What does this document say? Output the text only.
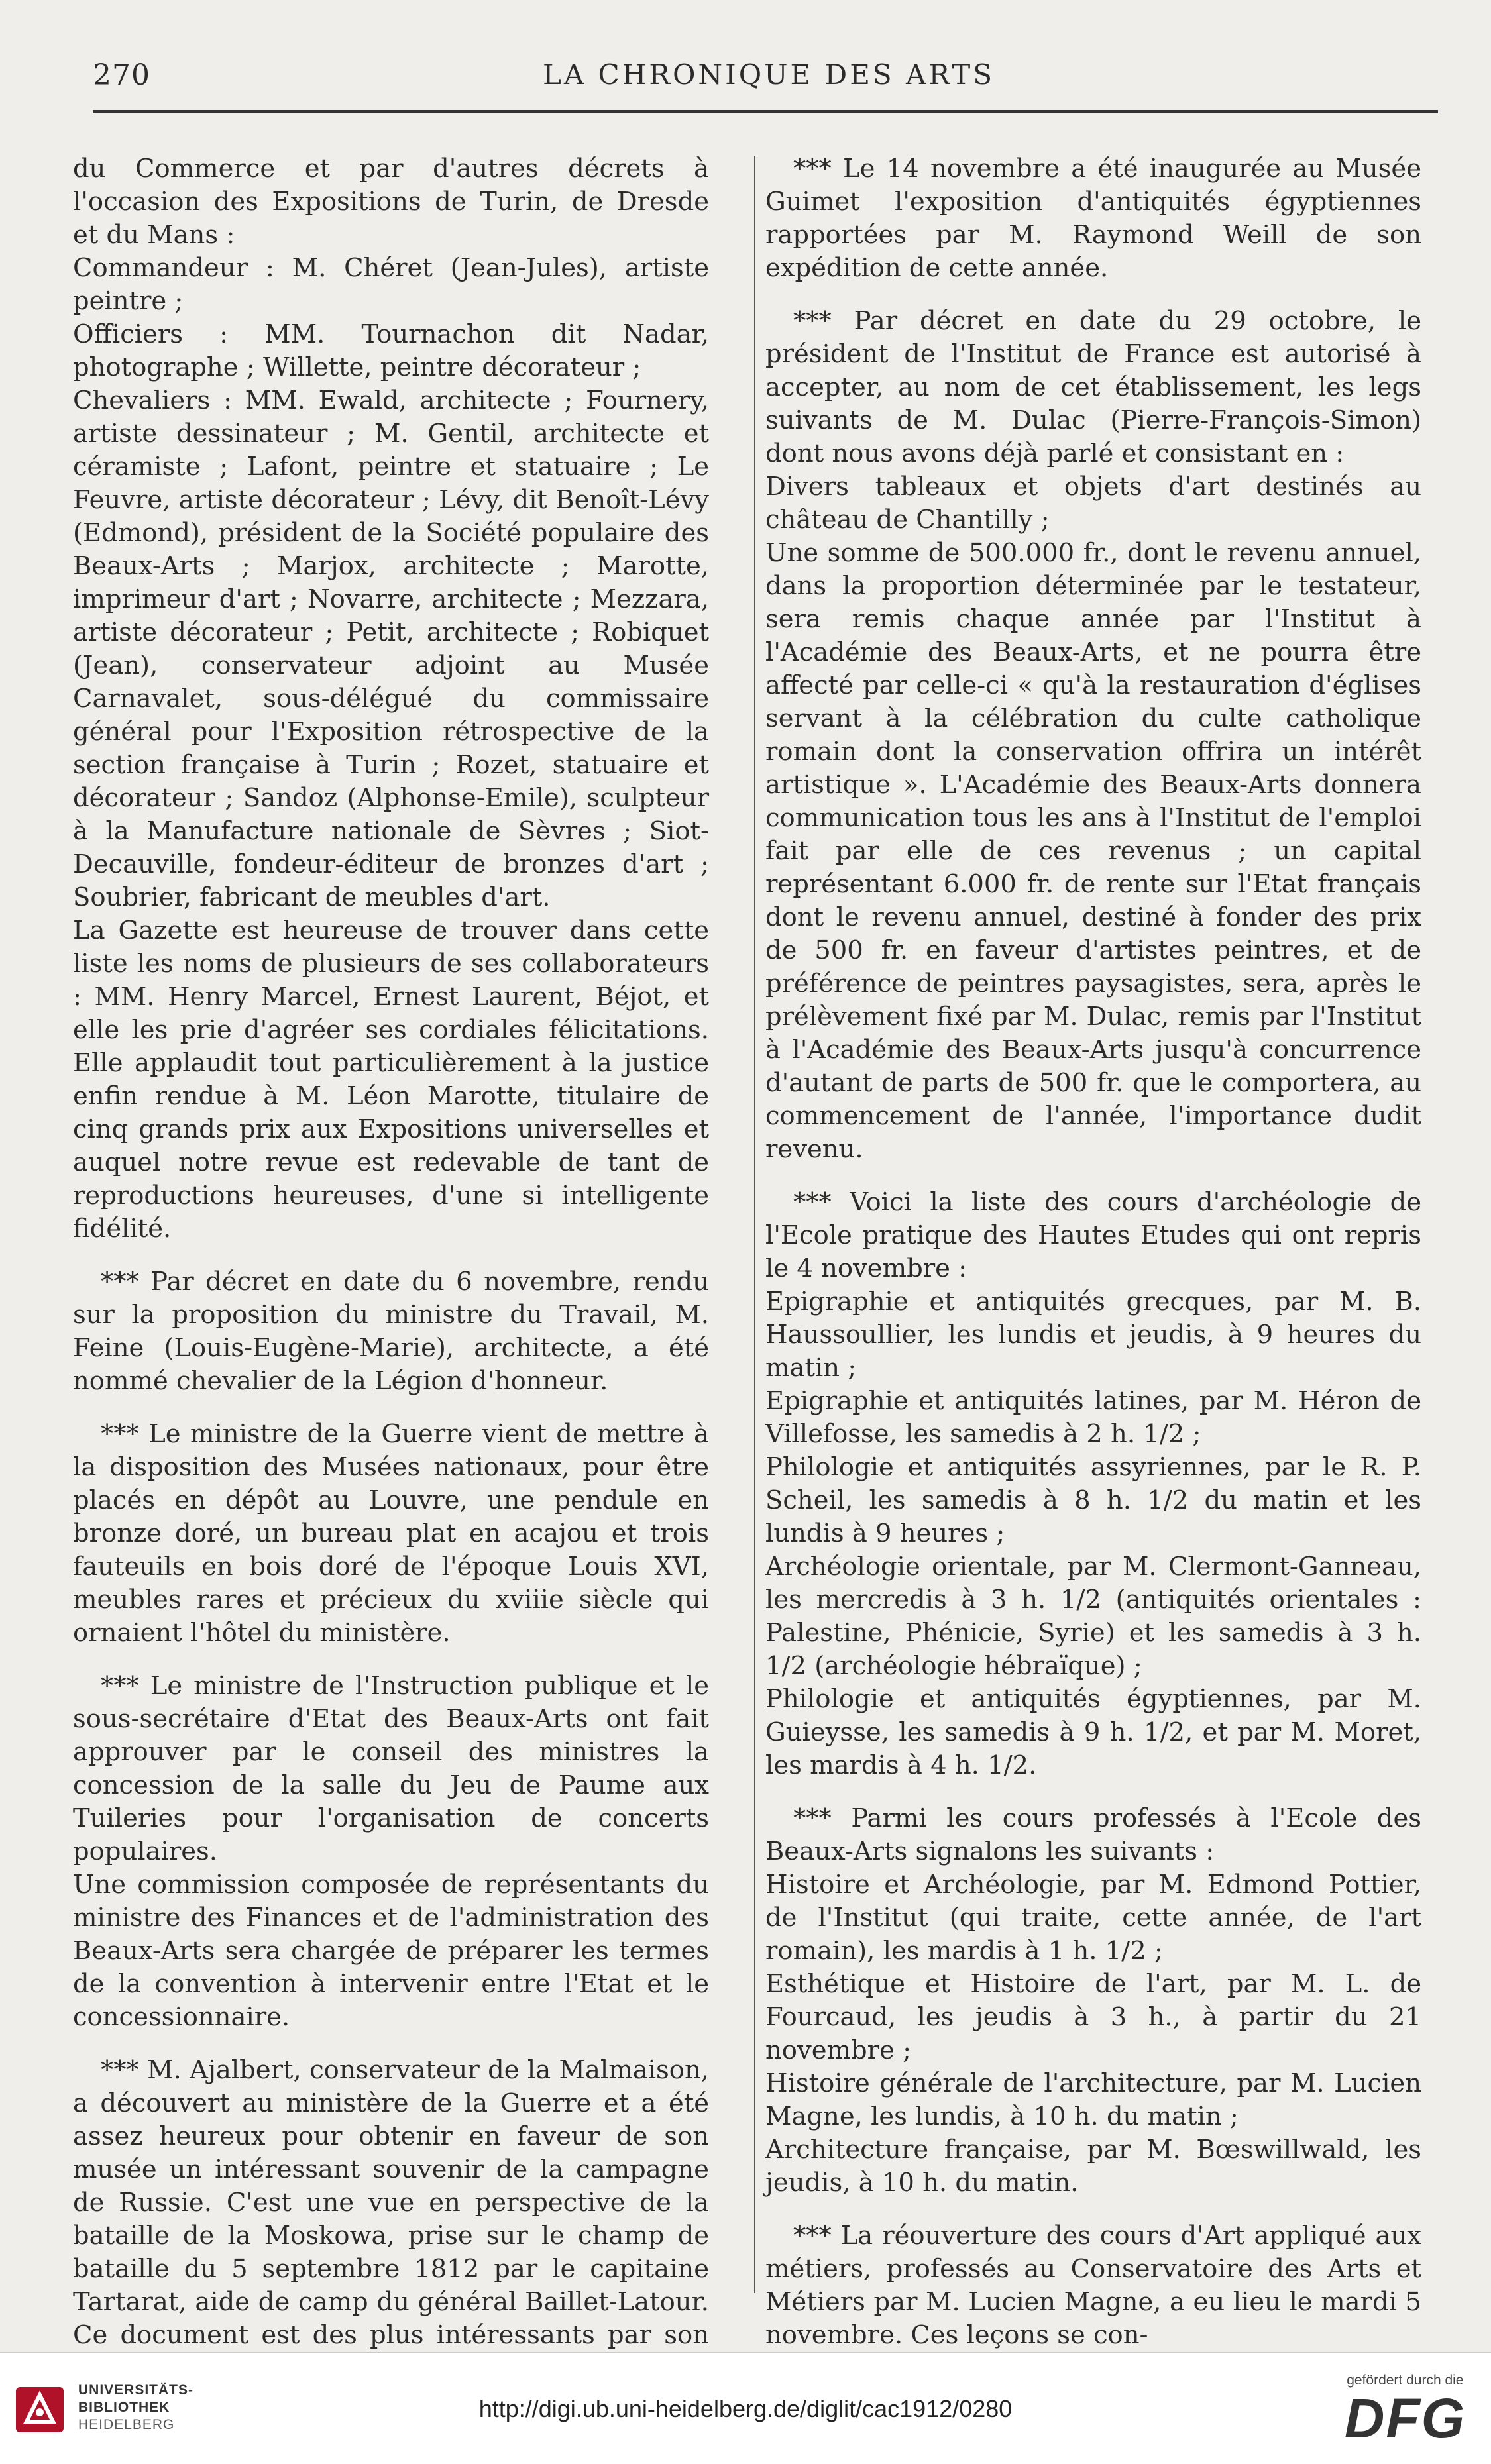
270	LA CHRONIQUE DES ARTS

du Commerce et par d'autres décrets à l'occasion des Expositions de Turin, de Dresde et du Mans :

Commandeur : M. Chéret (Jean-Jules), artiste peintre ;

Officiers : MM. Tournachon dit Nadar, photographe ; Willette, peintre décorateur ;

Chevaliers : MM. Ewald, architecte ; Fournery, artiste dessinateur ; M. Gentil, architecte et céramiste ; Lafont, peintre et statuaire ; Le Feuvre, artiste décorateur ; Lévy, dit Benoît-Lévy (Edmond), président de la Société populaire des Beaux-Arts ; Marjox, architecte ; Marotte, imprimeur d'art ; Novarre, architecte ; Mezzara, artiste décorateur ; Petit, architecte ; Robiquet (Jean), conservateur adjoint au Musée Carnavalet, sous-délégué du commissaire général pour l'Exposition rétrospective de la section française à Turin ; Rozet, statuaire et décorateur ; Sandoz (Alphonse-Emile), sculpteur à la Manufacture nationale de Sèvres ; Siot-Decauville, fondeur-éditeur de bronzes d'art ; Soubrier, fabricant de meubles d'art.

La Gazette est heureuse de trouver dans cette liste les noms de plusieurs de ses collaborateurs : MM. Henry Marcel, Ernest Laurent, Béjot, et elle les prie d'agréer ses cordiales félicitations. Elle applaudit tout particulièrement à la justice enfin rendue à M. Léon Marotte, titulaire de cinq grands prix aux Expositions universelles et auquel notre revue est redevable de tant de reproductions heureuses, d'une si intelligente fidélité.

*** Par décret en date du 6 novembre, rendu sur la proposition du ministre du Travail, M. Feine (Louis-Eugène-Marie), architecte, a été nommé chevalier de la Légion d'honneur.

*** Le ministre de la Guerre vient de mettre à la disposition des Musées nationaux, pour être placés en dépôt au Louvre, une pendule en bronze doré, un bureau plat en acajou et trois fauteuils en bois doré de l'époque Louis XVI, meubles rares et précieux du xviiie siècle qui ornaient l'hôtel du ministère.

*** Le ministre de l'Instruction publique et le sous-secrétaire d'Etat des Beaux-Arts ont fait approuver par le conseil des ministres la concession de la salle du Jeu de Paume aux Tuileries pour l'organisation de concerts populaires.

Une commission composée de représentants du ministre des Finances et de l'administration des Beaux-Arts sera chargée de préparer les termes de la convention à intervenir entre l'Etat et le concessionnaire.

*** M. Ajalbert, conservateur de la Malmaison, a découvert au ministère de la Guerre et a été assez heureux pour obtenir en faveur de son musée un intéressant souvenir de la campagne de Russie. C'est une vue en perspective de la bataille de la Moskowa, prise sur le champ de bataille du 5 septembre 1812 par le capitaine Tartarat, aide de camp du général Baillet-Latour. Ce document est des plus intéressants par son

*** Le 14 novembre a été inaugurée au Musée Guimet l'exposition d'antiquités égyptiennes rapportées par M. Raymond Weill de son expédition de cette année.

*** Par décret en date du 29 octobre, le président de l'Institut de France est autorisé à accepter, au nom de cet établissement, les legs suivants de M. Dulac (Pierre-François-Simon) dont nous avons déjà parlé et consistant en :

Divers tableaux et objets d'art destinés au château de Chantilly ;

Une somme de 500.000 fr., dont le revenu annuel, dans la proportion déterminée par le testateur, sera remis chaque année par l'Institut à l'Académie des Beaux-Arts, et ne pourra être affecté par celle-ci « qu'à la restauration d'églises servant à la célébration du culte catholique romain dont la conservation offrira un intérêt artistique ». L'Académie des Beaux-Arts donnera communication tous les ans à l'Institut de l'emploi fait par elle de ces revenus ; un capital représentant 6.000 fr. de rente sur l'Etat français dont le revenu annuel, destiné à fonder des prix de 500 fr. en faveur d'artistes peintres, et de préférence de peintres paysagistes, sera, après le prélèvement fixé par M. Dulac, remis par l'Institut à l'Académie des Beaux-Arts jusqu'à concurrence d'autant de parts de 500 fr. que le comportera, au commencement de l'année, l'importance dudit revenu.

*** Voici la liste des cours d'archéologie de l'Ecole pratique des Hautes Etudes qui ont repris le 4 novembre :

Epigraphie et antiquités grecques, par M. B. Haussoullier, les lundis et jeudis, à 9 heures du matin ;

Epigraphie et antiquités latines, par M. Héron de Villefosse, les samedis à 2 h. 1/2 ;

Philologie et antiquités assyriennes, par le R. P. Scheil, les samedis à 8 h. 1/2 du matin et les lundis à 9 heures ;

Archéologie orientale, par M. Clermont-Ganneau, les mercredis à 3 h. 1/2 (antiquités orientales : Palestine, Phénicie, Syrie) et les samedis à 3 h. 1/2 (archéologie hébraïque) ;

Philologie et antiquités égyptiennes, par M. Guieysse, les samedis à 9 h. 1/2, et par M. Moret, les mardis à 4 h. 1/2.

*** Parmi les cours professés à l'Ecole des Beaux-Arts signalons les suivants :

Histoire et Archéologie, par M. Edmond Pottier, de l'Institut (qui traite, cette année, de l'art romain), les mardis à 1 h. 1/2 ;

Esthétique et Histoire de l'art, par M. L. de Fourcaud, les jeudis à 3 h., à partir du 21 novembre ;

Histoire générale de l'architecture, par M. Lucien Magne, les lundis, à 10 h. du matin ;

Architecture française, par M. Bœswillwald, les jeudis, à 10 h. du matin.

*** La réouverture des cours d'Art appliqué aux métiers, professés au Conservatoire des Arts et Métiers par M. Lucien Magne, a eu lieu le mardi 5 novembre. Ces leçons se con-

UNIVERSITÄTS-
BIBLIOTHEK
HEIDELBERG
http://digi.ub.uni-heidelberg.de/diglit/cac1912/0280
gefördert durch die
DFG
